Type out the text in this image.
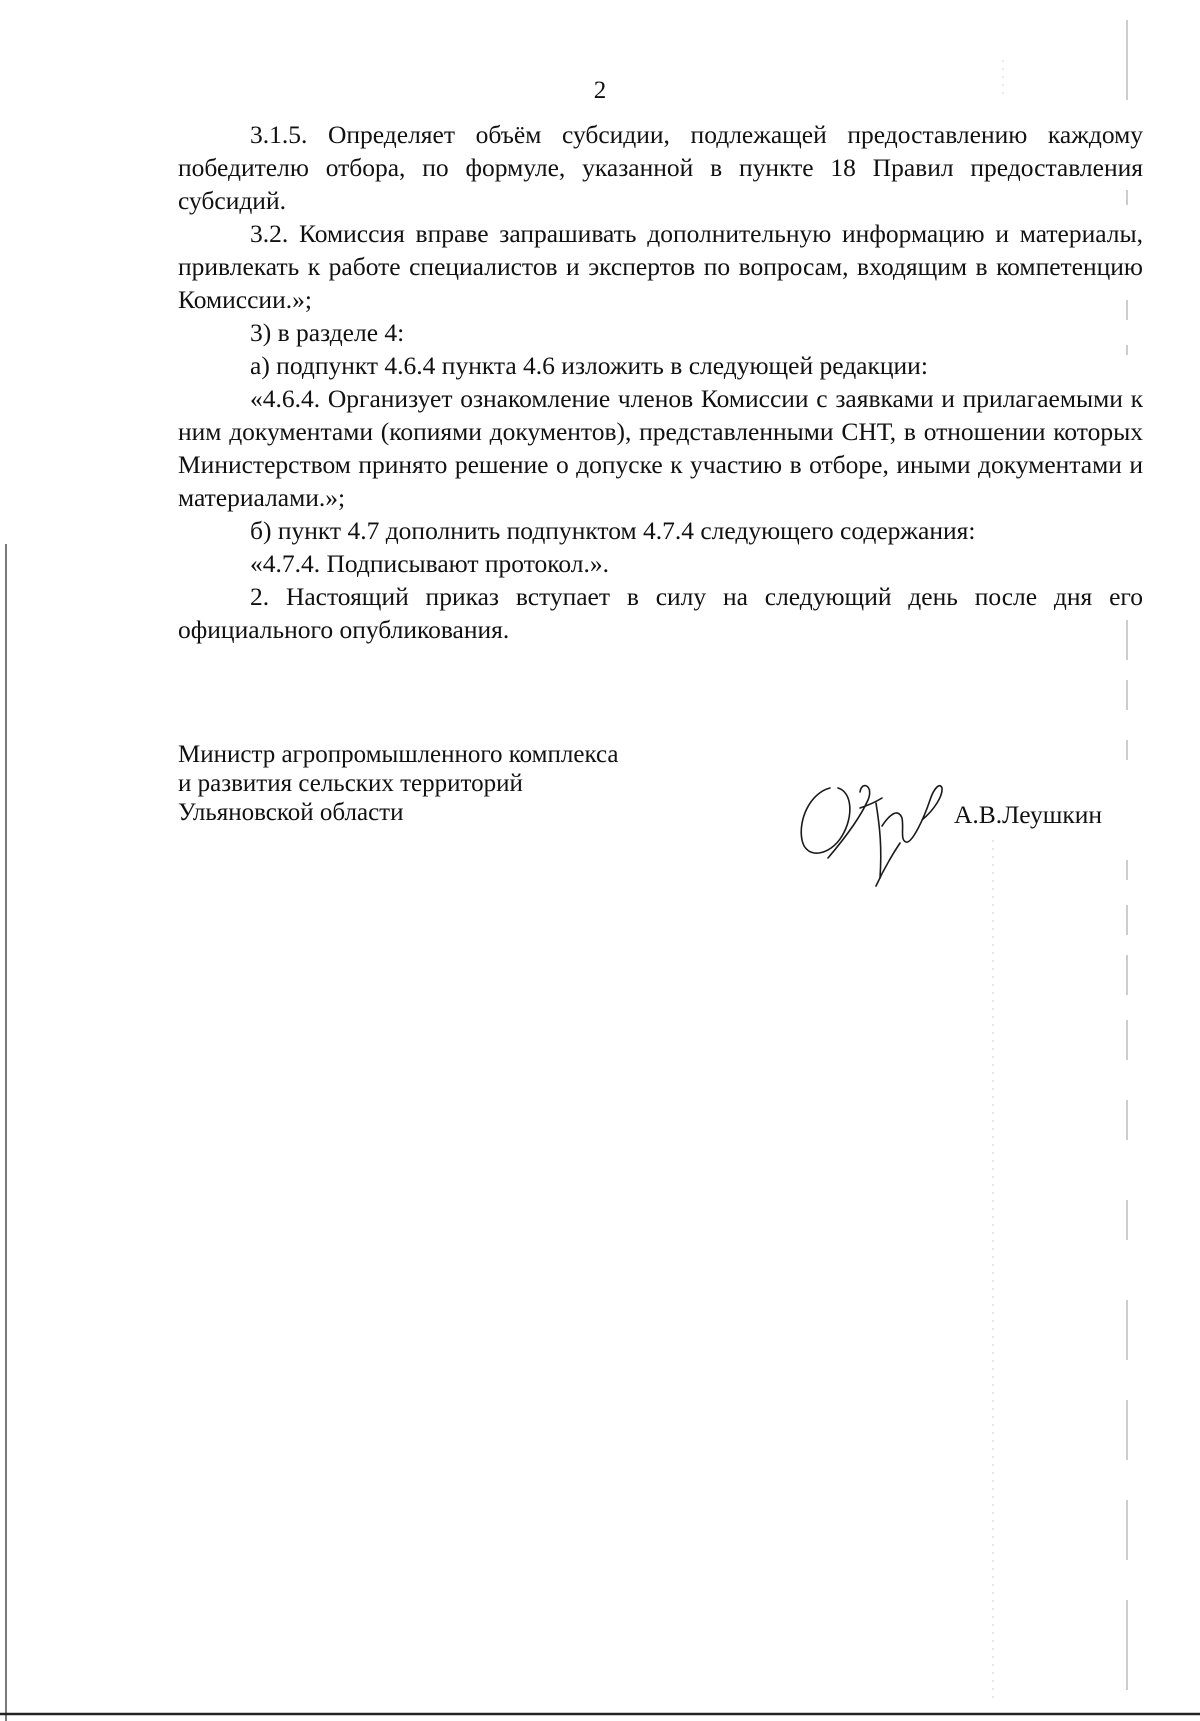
2

3.1.5. Определяет объём субсидии, подлежащей предоставлению каждому победителю отбора, по формуле, указанной в пункте 18 Правил предоставления субсидий.

3.2. Комиссия вправе запрашивать дополнительную информацию и материалы, привлекать к работе специалистов и экспертов по вопросам, входящим в компетенцию Комиссии.»;

3) в разделе 4:

а) подпункт 4.6.4 пункта 4.6 изложить в следующей редакции:

«4.6.4. Организует ознакомление членов Комиссии с заявками и прилагаемыми к ним документами (копиями документов), представленными СНТ, в отношении которых Министерством принято решение о допуске к участию в отборе, иными документами и материалами.»;

б) пункт 4.7 дополнить подпунктом 4.7.4 следующего содержания:

«4.7.4. Подписывают протокол.».

2. Настоящий приказ вступает в силу на следующий день после дня его официального опубликования.

Министр агропромышленного комплекса
и развития сельских территорий
Ульяновской области	А.В.Леушкин
